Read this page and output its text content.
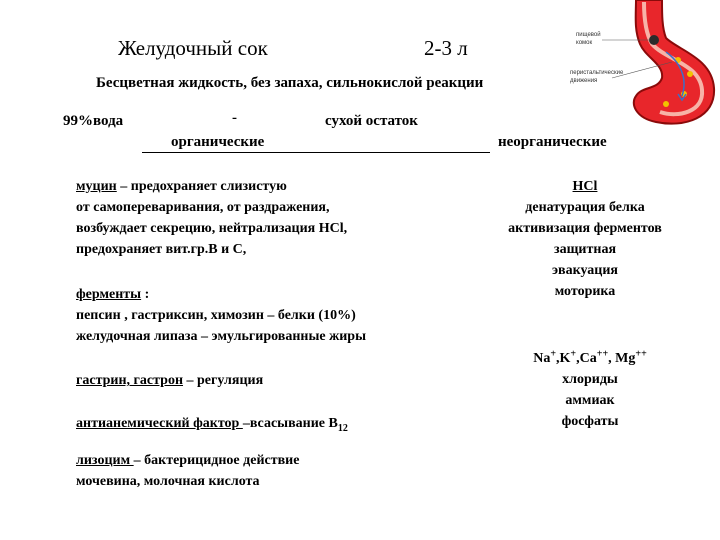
Желудочный сок	2-3 л
Бесцветная жидкость, без запаха, сильнокислой реакции
99%вода	-	сухой остаток
органические	неорганические
муцин – предохраняет слизистую
от самопереваривания, от раздражения,
возбуждает секрецию, нейтрализация HCl,
предохраняет вит.гр.В и С,
ферменты :
пепсин , гастриксин, химозин – белки (10%)
желудочная липаза – эмульгированные жиры
гастрин, гастрон – регуляция
антианемический фактор –всасывание $В_{12}$
лизоцим – бактерицидное действие
мочевина, молочная кислота
HCl
денатурация белка
активизация ферментов
защитная
эвакуация
моторика
Na+,K+,Ca++, Mg++
хлориды
аммиак
фосфаты
пищевой
комок
перистальтические
движения
